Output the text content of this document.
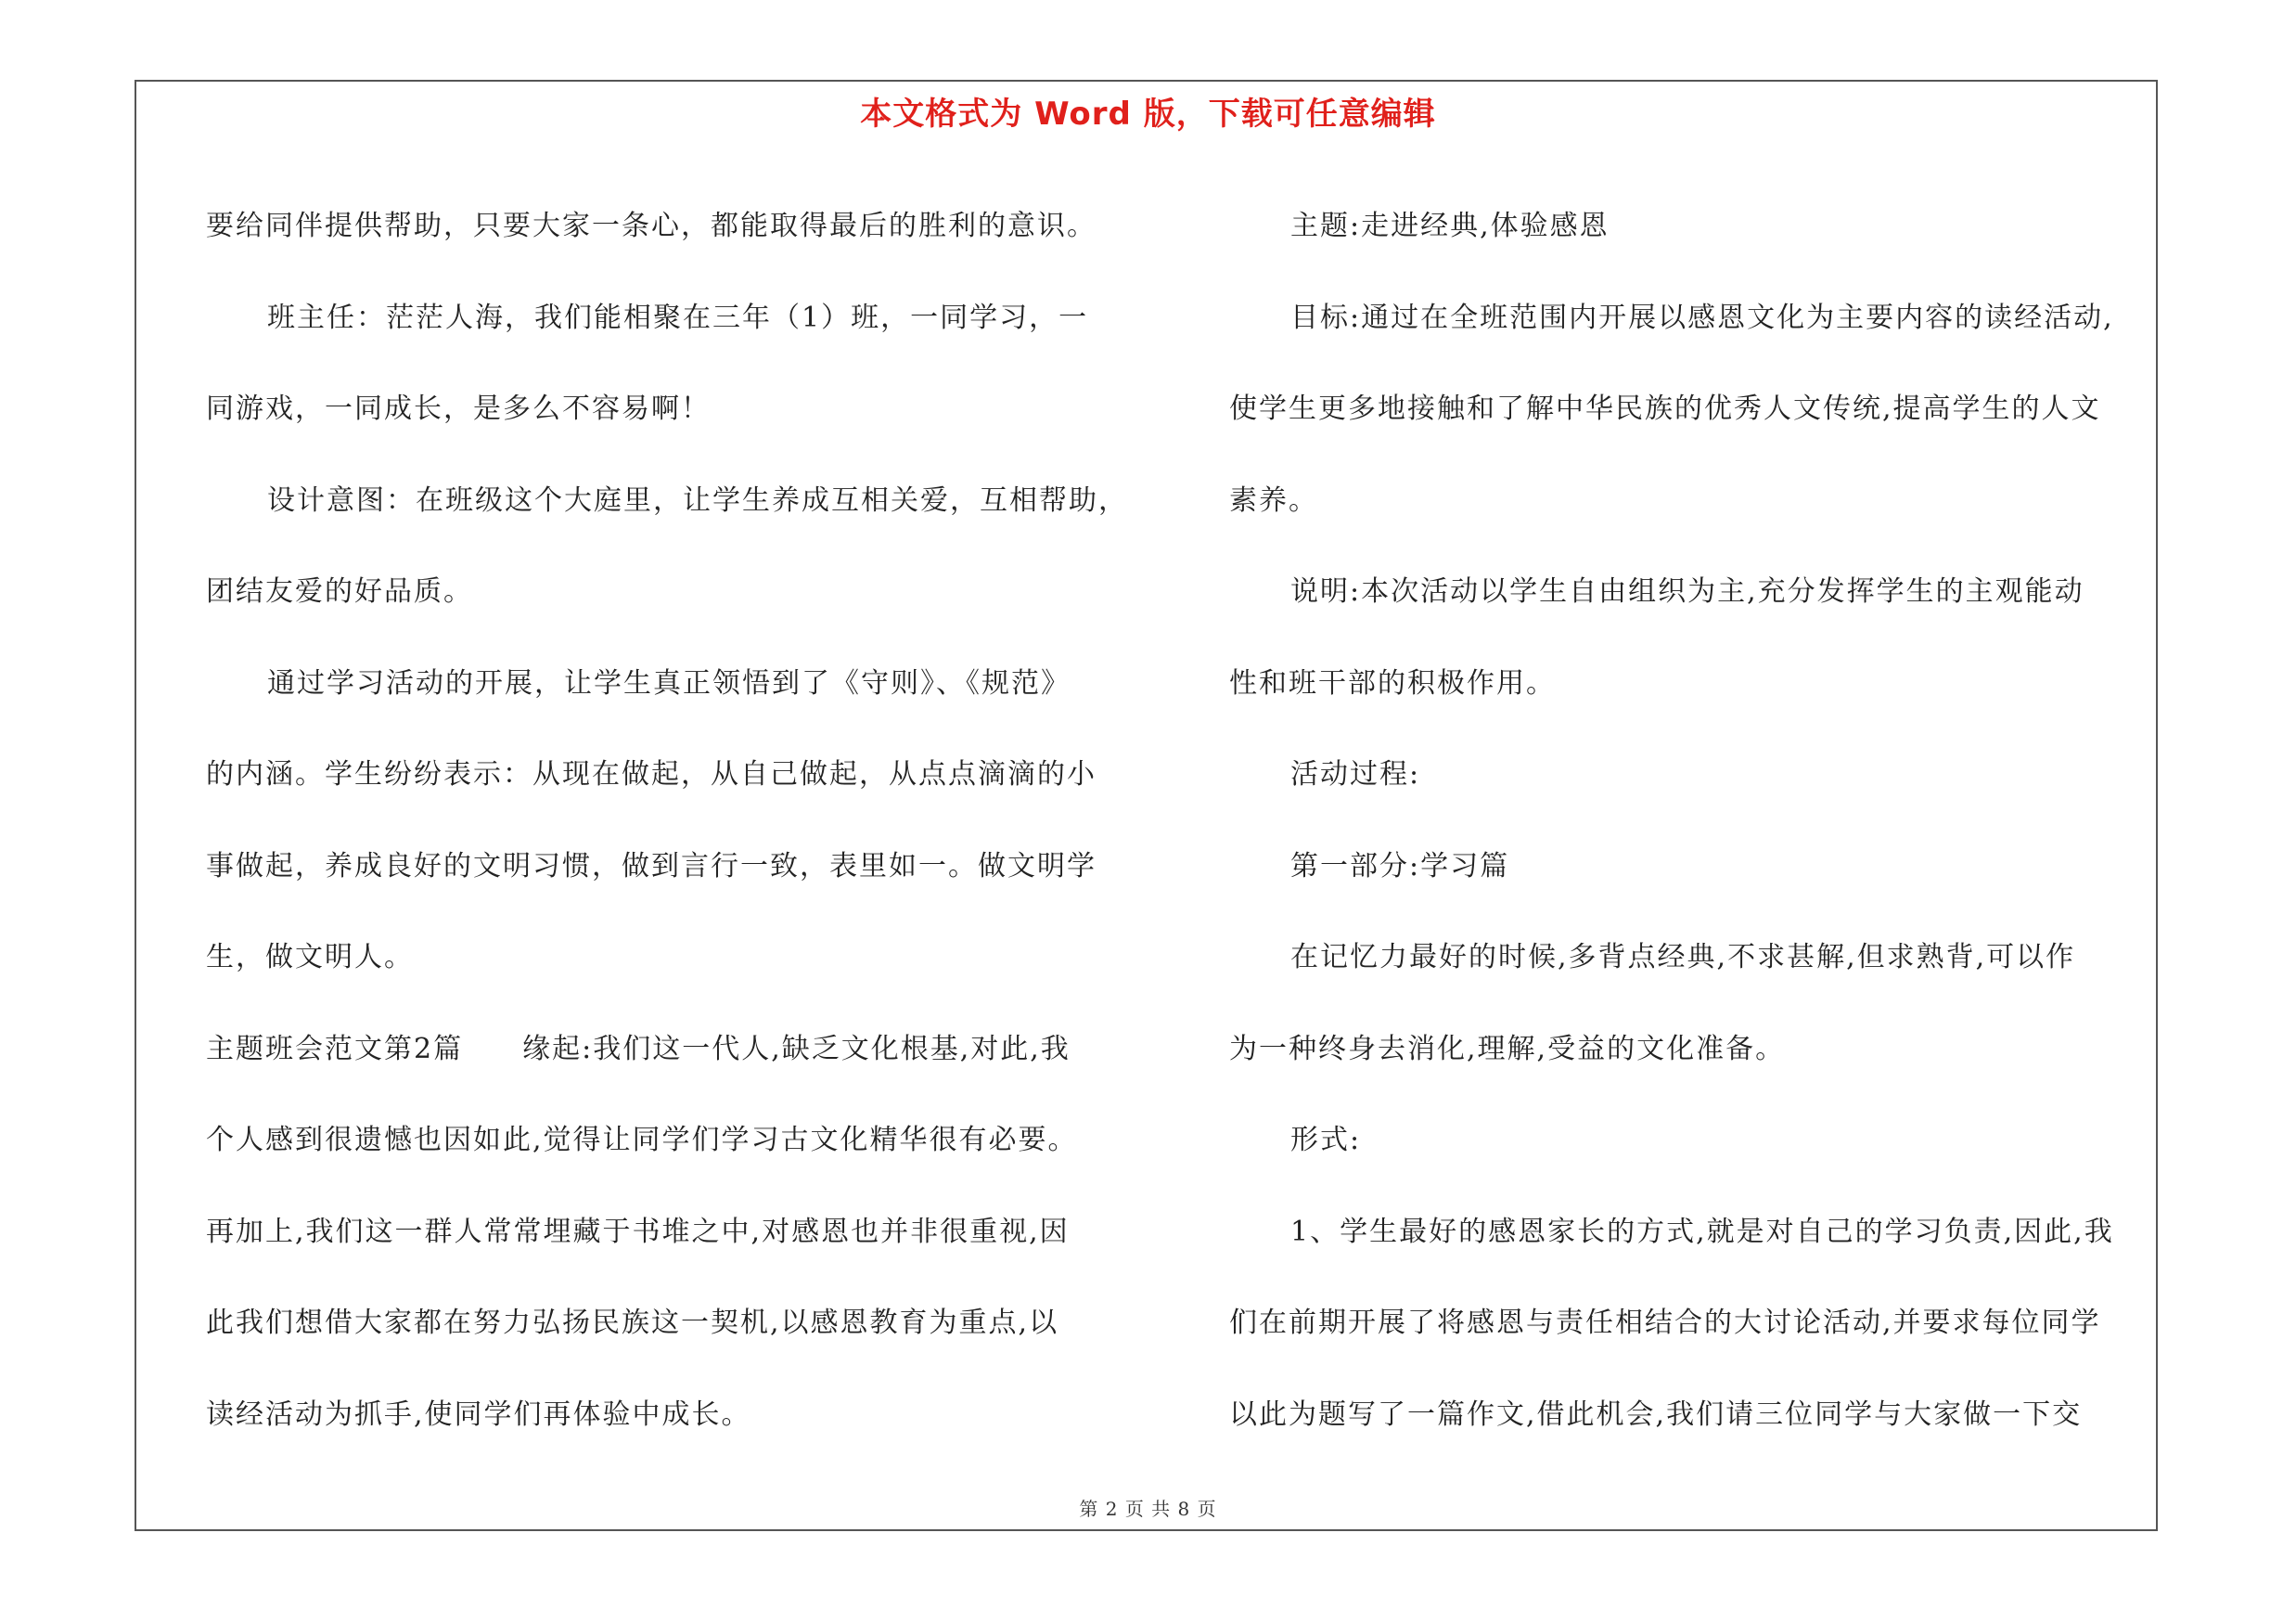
本文格式为 Word 版，下载可任意编辑
要给同伴提供帮助，只要大家一条心，都能取得最后的胜利的意识。
班主任：茫茫人海，我们能相聚在三年（1）班，一同学习，一
同游戏，一同成长，是多么不容易啊！
设计意图：在班级这个大庭里，让学生养成互相关爱，互相帮助，
团结友爱的好品质。
通过学习活动的开展，让学生真正领悟到了《守则》、《规范》
的内涵。学生纷纷表示：从现在做起，从自己做起，从点点滴滴的小
事做起，养成良好的文明习惯，做到言行一致，表里如一。做文明学
生，做文明人。
主题班会范文第2篇　　缘起:我们这一代人,缺乏文化根基,对此,我
个人感到很遗憾也因如此,觉得让同学们学习古文化精华很有必要。
再加上,我们这一群人常常埋藏于书堆之中,对感恩也并非很重视,因
此我们想借大家都在努力弘扬民族这一契机,以感恩教育为重点,以
读经活动为抓手,使同学们再体验中成长。
主题:走进经典,体验感恩
目标:通过在全班范围内开展以感恩文化为主要内容的读经活动,
使学生更多地接触和了解中华民族的优秀人文传统,提高学生的人文
素养。
说明:本次活动以学生自由组织为主,充分发挥学生的主观能动
性和班干部的积极作用。
活动过程:
第一部分:学习篇
在记忆力最好的时候,多背点经典,不求甚解,但求熟背,可以作
为一种终身去消化,理解,受益的文化准备。
形式:
1、学生最好的感恩家长的方式,就是对自己的学习负责,因此,我
们在前期开展了将感恩与责任相结合的大讨论活动,并要求每位同学
以此为题写了一篇作文,借此机会,我们请三位同学与大家做一下交
第 2 页 共 8 页
